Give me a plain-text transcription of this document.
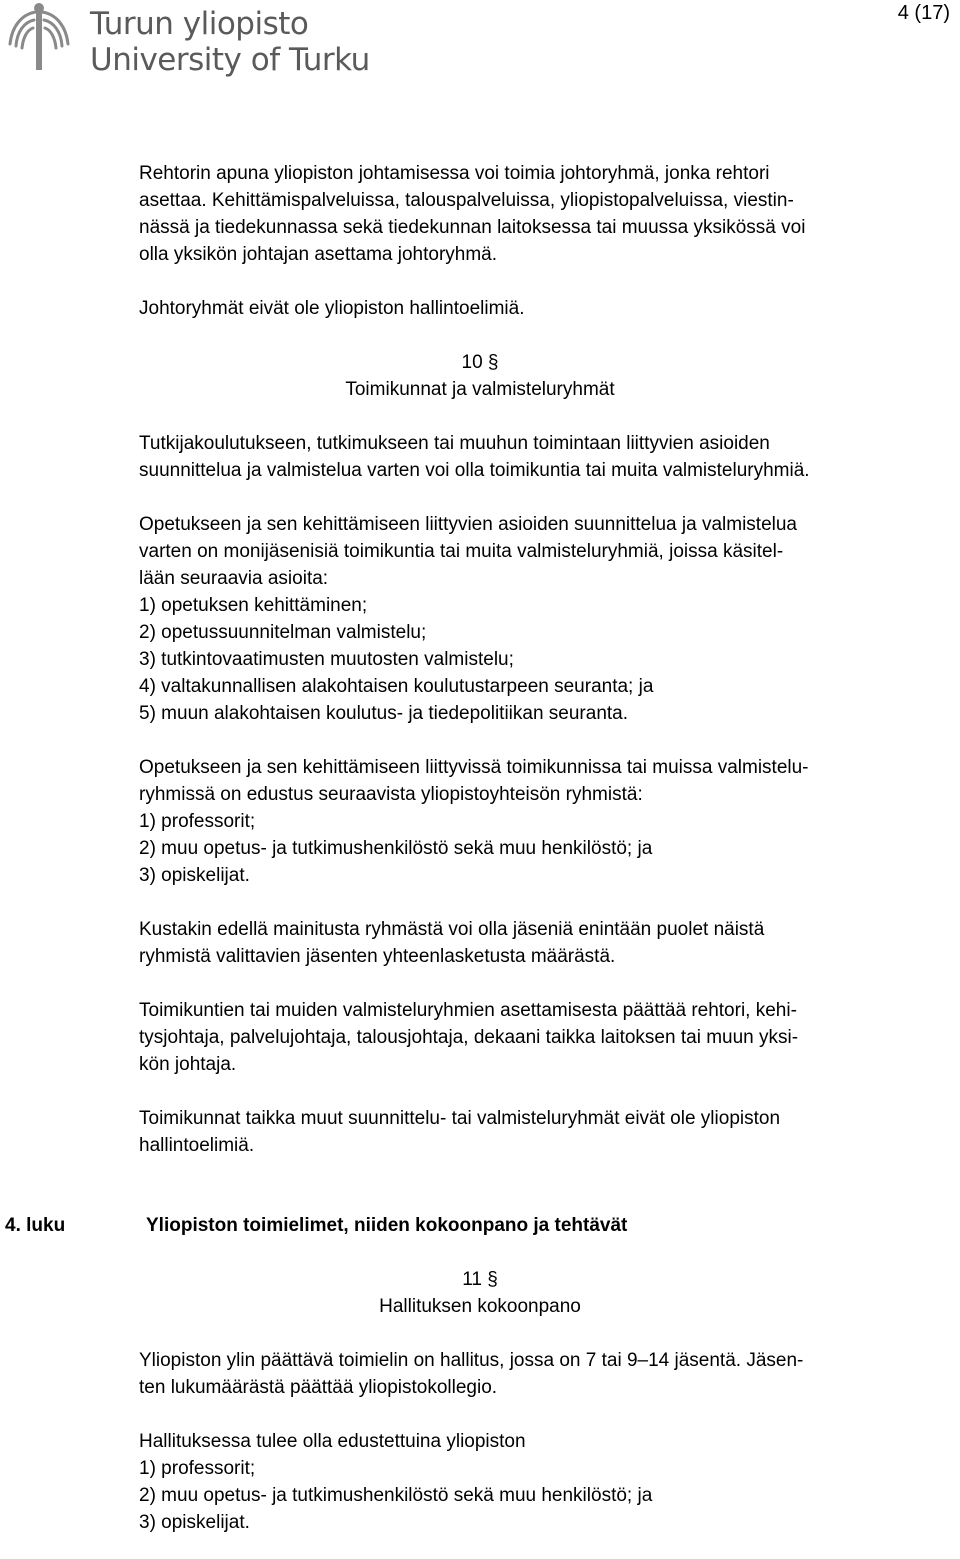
Turun yliopisto
University of Turku
4 (17)

Rehtorin apuna yliopiston johtamisessa voi toimia johtoryhmä, jonka rehtori
asettaa. Kehittämispalveluissa, talouspalveluissa, yliopistopalveluissa, viestin-
nässä ja tiedekunnassa sekä tiedekunnan laitoksessa tai muussa yksikössä voi
olla yksikön johtajan asettama johtoryhmä.

Johtoryhmät eivät ole yliopiston hallintoelimiä.

10 §

Toimikunnat ja valmisteluryhmät

Tutkijakoulutukseen, tutkimukseen tai muuhun toimintaan liittyvien asioiden
suunnittelua ja valmistelua varten voi olla toimikuntia tai muita valmisteluryhmiä.

Opetukseen ja sen kehittämiseen liittyvien asioiden suunnittelua ja valmistelua
varten on monijäsenisiä toimikuntia tai muita valmisteluryhmiä, joissa käsitel-
lään seuraavia asioita:
1) opetuksen kehittäminen;
2) opetussuunnitelman valmistelu;
3) tutkintovaatimusten muutosten valmistelu;
4) valtakunnallisen alakohtaisen koulutustarpeen seuranta; ja
5) muun alakohtaisen koulutus- ja tiedepolitiikan seuranta.

Opetukseen ja sen kehittämiseen liittyvissä toimikunnissa tai muissa valmistelu-
ryhmissä on edustus seuraavista yliopistoyhteisön ryhmistä:
1) professorit;
2) muu opetus- ja tutkimushenkilöstö sekä muu henkilöstö; ja
3) opiskelijat.

Kustakin edellä mainitusta ryhmästä voi olla jäseniä enintään puolet näistä
ryhmistä valittavien jäsenten yhteenlasketusta määrästä.

Toimikuntien tai muiden valmisteluryhmien asettamisesta päättää rehtori, kehi-
tysjohtaja, palvelujohtaja, talousjohtaja, dekaani taikka laitoksen tai muun yksi-
kön johtaja.

Toimikunnat taikka muut suunnittelu- tai valmisteluryhmät eivät ole yliopiston
hallintoelimiä.

4. luku	Yliopiston toimielimet, niiden kokoonpano ja tehtävät

11 §

Hallituksen kokoonpano

Yliopiston ylin päättävä toimielin on hallitus, jossa on 7 tai 9–14 jäsentä. Jäsen-
ten lukumäärästä päättää yliopistokollegio.

Hallituksessa tulee olla edustettuina yliopiston
1) professorit;
2) muu opetus- ja tutkimushenkilöstö sekä muu henkilöstö; ja
3) opiskelijat.
